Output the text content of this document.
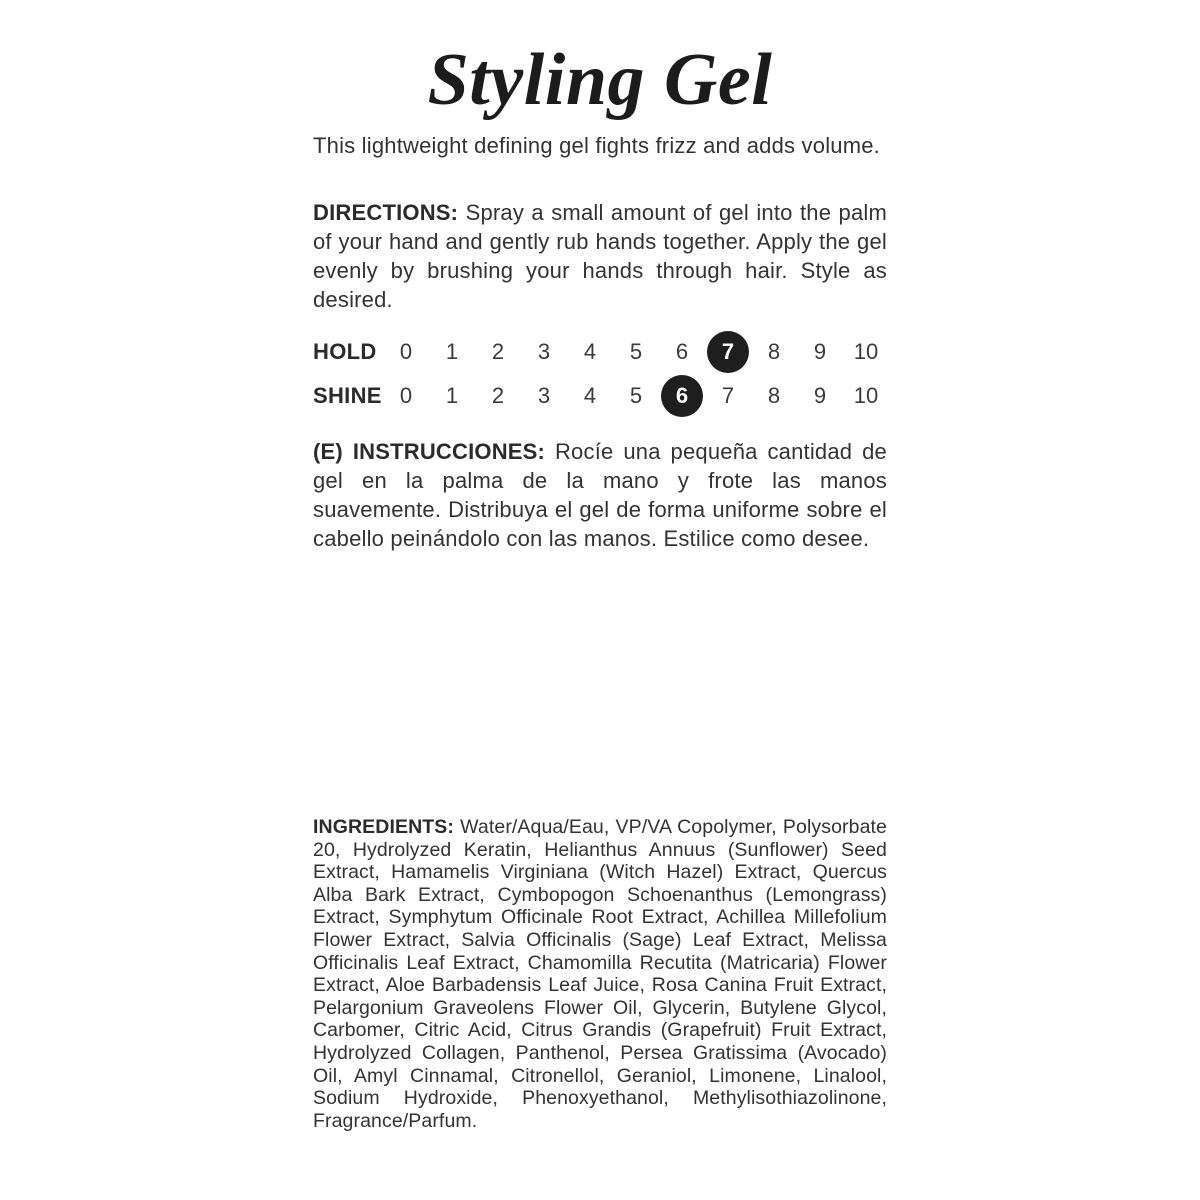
Styling Gel

This lightweight defining gel fights frizz and adds volume.

DIRECTIONS: Spray a small amount of gel into the palm of your hand and gently rub hands together. Apply the gel evenly by brushing your hands through hair. Style as desired.

HOLD	0	1	2	3	4	5	6	7	8	9	10
SHINE 0	1	2	3	4	5	6	7	8	9	10

(E) INSTRUCCIONES: Rocíe una pequeña cantidad de gel en la palma de la mano y frote las manos suavemente. Distribuya el gel de forma uniforme sobre el cabello peinándolo con las manos. Estilice como desee.

INGREDIENTS: Water/Aqua/Eau, VP/VA Copolymer, Polysorbate 20, Hydrolyzed Keratin, Helianthus Annuus (Sunflower) Seed Extract, Hamamelis Virginiana (Witch Hazel) Extract, Quercus Alba Bark Extract, Cymbopogon Schoenanthus (Lemongrass) Extract, Symphytum Officinale Root Extract, Achillea Millefolium Flower Extract, Salvia Officinalis (Sage) Leaf Extract, Melissa Officinalis Leaf Extract, Chamomilla Recutita (Matricaria) Flower Extract, Aloe Barbadensis Leaf Juice, Rosa Canina Fruit Extract, Pelargonium Graveolens Flower Oil, Glycerin, Butylene Glycol, Carbomer, Citric Acid, Citrus Grandis (Grapefruit) Fruit Extract, Hydrolyzed Collagen, Panthenol, Persea Gratissima (Avocado) Oil, Amyl Cinnamal, Citronellol, Geraniol, Limonene, Linalool, Sodium Hydroxide, Phenoxyethanol, Methylisothiazolinone, Fragrance/Parfum.
